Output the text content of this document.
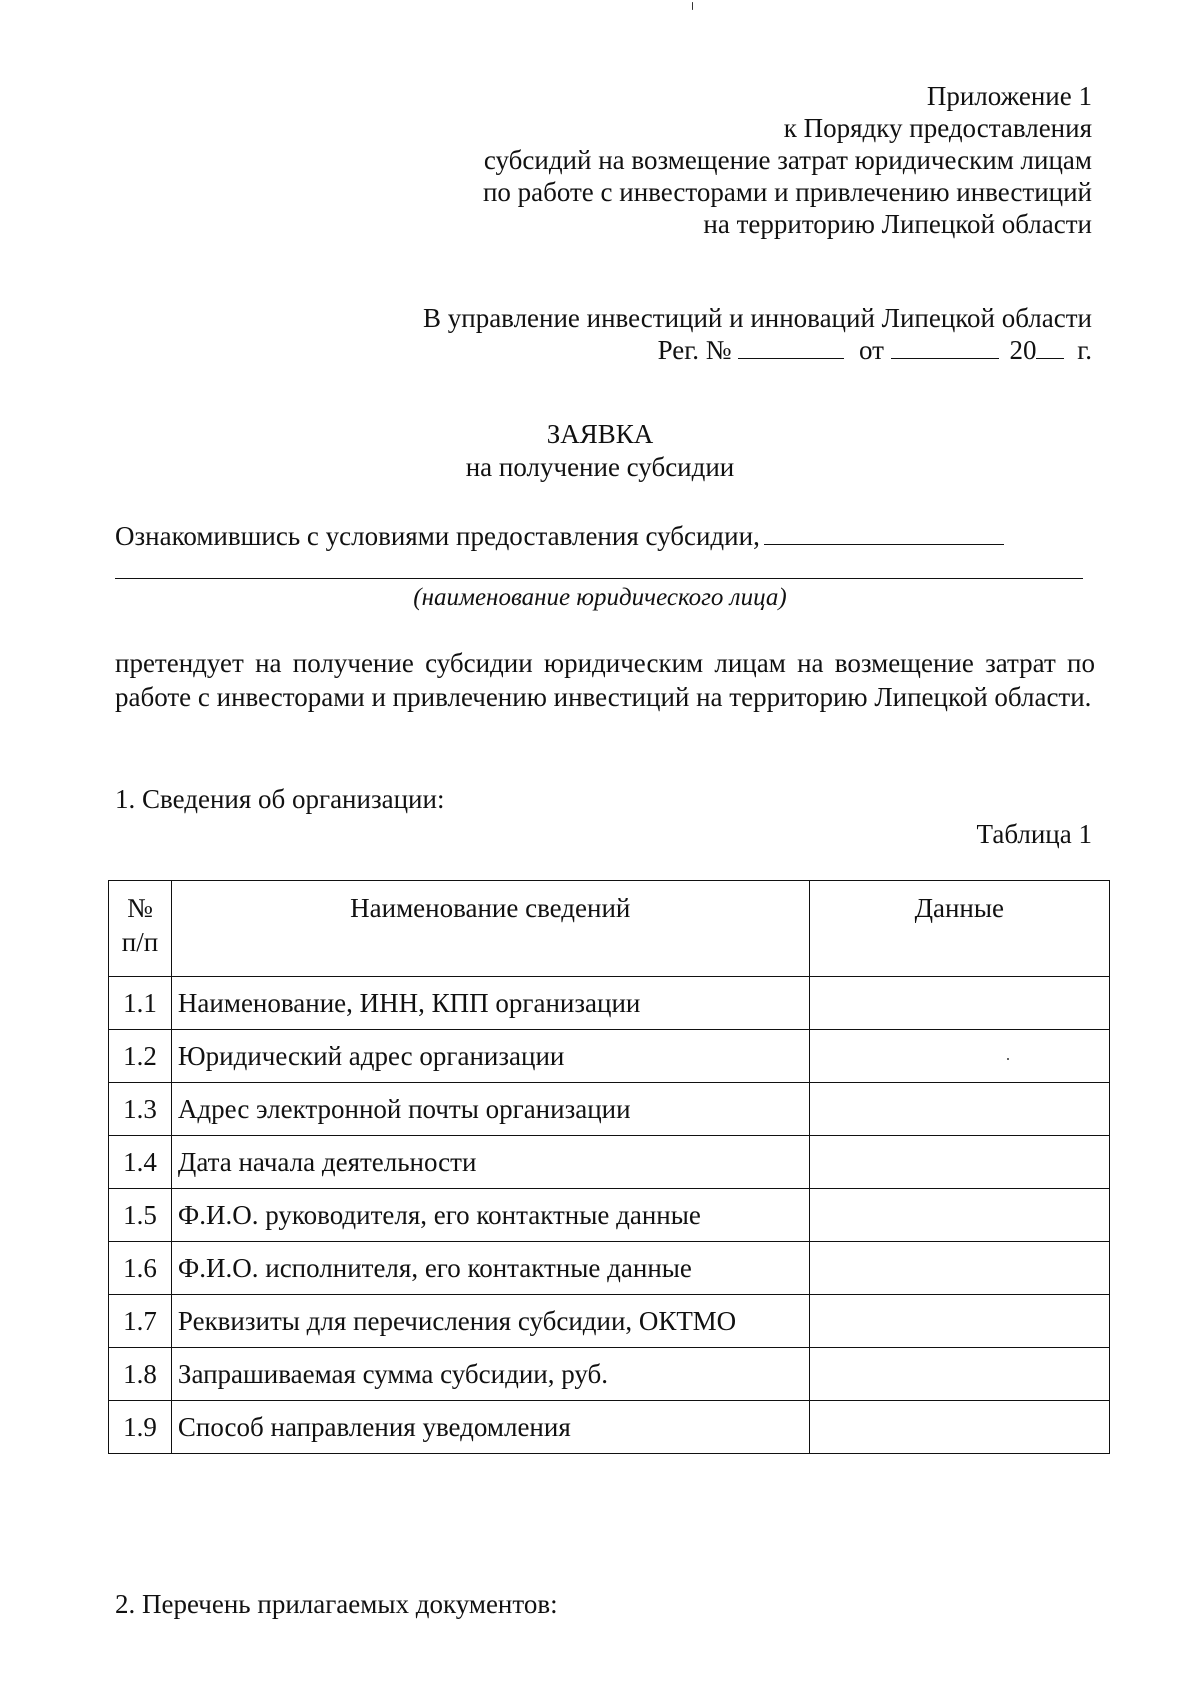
Приложение 1
к Порядку предоставления
субсидий на возмещение затрат юридическим лицам
по работе с инвесторами и привлечению инвестиций
на территорию Липецкой области
В управление инвестиций и инноваций Липецкой области
Рег. №	от	20 г.
ЗАЯВКА
на получение субсидии
Ознакомившись с условиями предоставления субсидии,
(наименование юридического лица)
претендует на получение субсидии юридическим лицам на возмещение затрат по работе с инвесторами и привлечению инвестиций на территорию Липецкой области.
1. Сведения об организации:
Таблица 1
№ п/п	Наименование сведений	Данные
1.1	Наименование, ИНН, КПП организации	
1.2	Юридический адрес организации	
1.3	Адрес электронной почты организации	
1.4	Дата начала деятельности	
1.5	Ф.И.О. руководителя, его контактные данные	
1.6	Ф.И.О. исполнителя, его контактные данные	
1.7	Реквизиты для перечисления субсидии, ОКТМО	
1.8	Запрашиваемая сумма субсидии, руб.	
1.9	Способ направления уведомления	
2. Перечень прилагаемых документов:
